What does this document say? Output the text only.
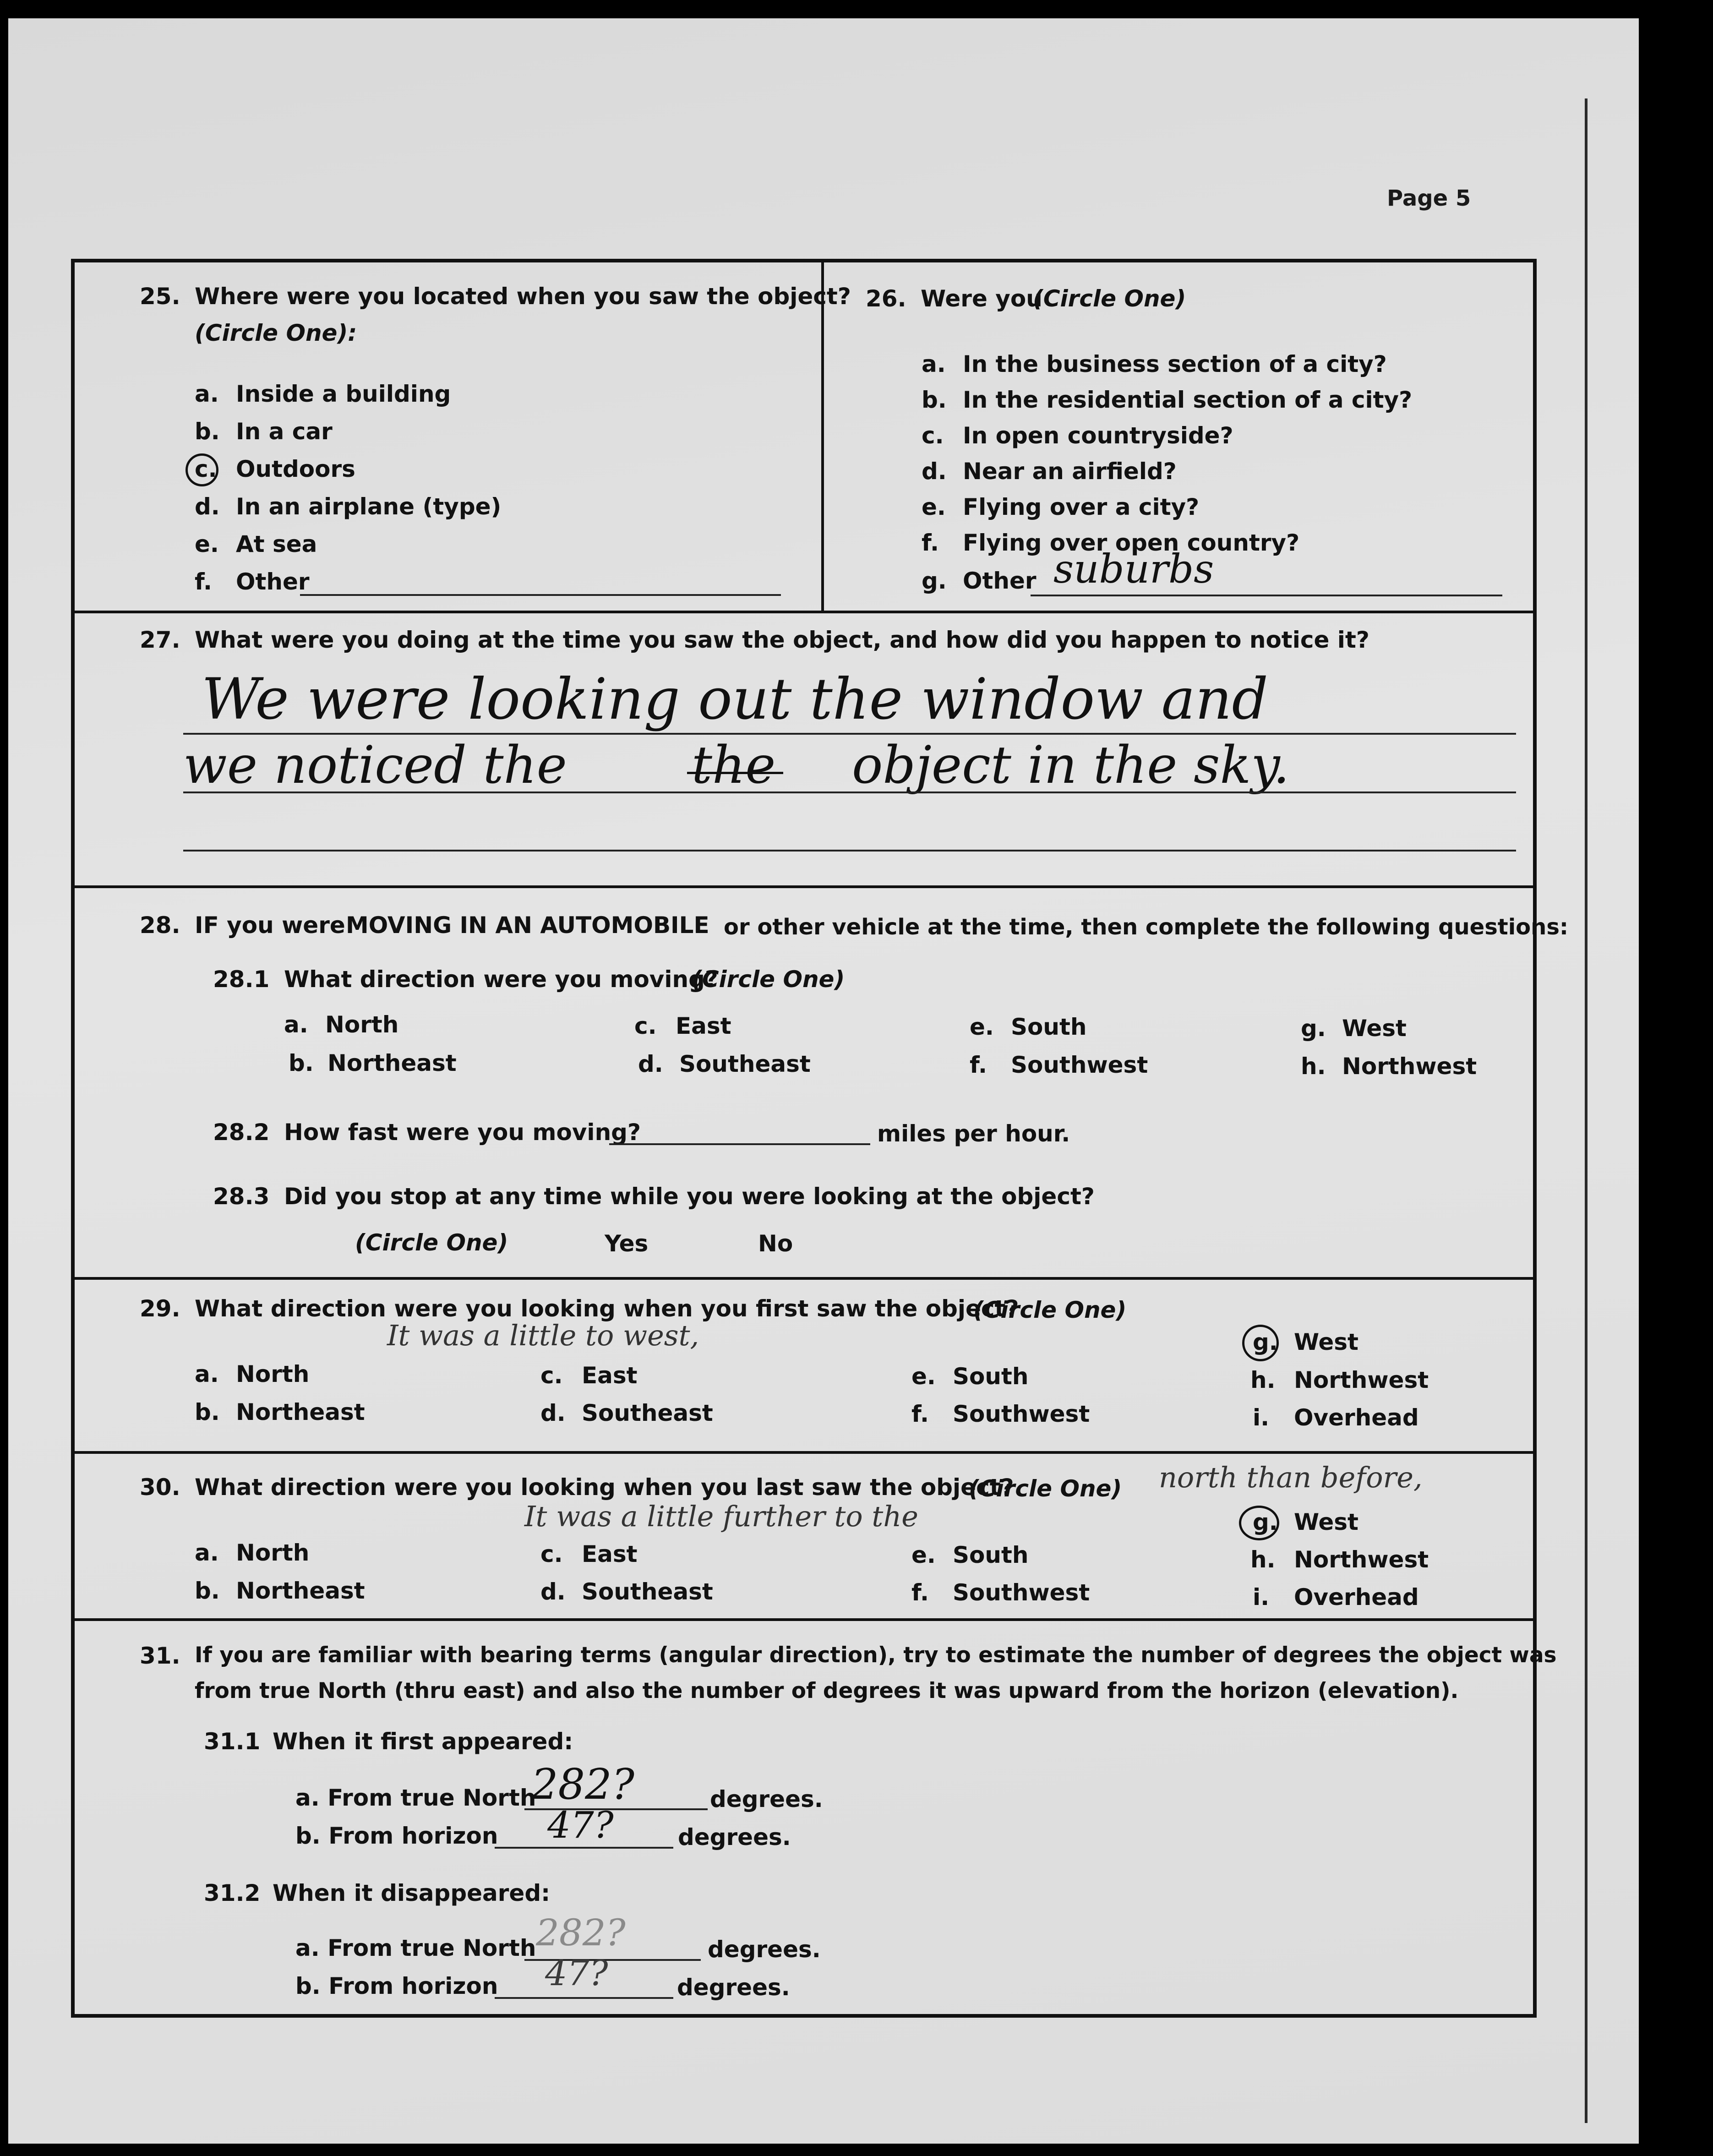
Page 5
25. Where were you located when you saw the object?
(Circle One):
a. Inside a building
b. In a car
c. Outdoors
d. In an airplane (type)
e. At sea
f. Other
26. Were you
(Circle One)
a. In the business section of a city?
b. In the residential section of a city?
c. In open countryside?
d. Near an airfield?
e. Flying over a city?
f. Flying over open country?
g. Other suburbs
27. What were you doing at the time you saw the object, and how did you happen to notice it?
We were looking out the window and
we noticed the the object in the sky.
28. IF you were MOVING IN AN AUTOMOBILE or other vehicle at the time, then complete the following questions:
28.1 What direction were you moving?
(Circle One)
a. North
b. Northeast
c. East
d. Southeast
e. South
f. Southwest
g. West
h. Northwest
28.2 How fast were you moving?	miles per hour.
28.3 Did you stop at any time while you were looking at the object?
(Circle One)	Yes	No
29. What direction were you looking when you first saw the object?
(Circle One)
It was a little to west,
a. North
b. Northeast
c. East
d. Southeast
e. South
f. Southwest
g. West
h. Northwest
i. Overhead
30. What direction were you looking when you last saw the object?
(Circle One) north than before,
It was a little further to the
a. North
b. Northeast
c. East
d. Southeast
e. South
f. Southwest
g. West
h. Northwest
i. Overhead
31. If you are familiar with bearing terms (angular direction), try to estimate the number of degrees the object was
from true North (thru east) and also the number of degrees it was upward from the horizon (elevation).
31.1 When it first appeared:
a. From true North
282?	degrees.
b. From horizon 47?	degrees.
31.2 When it disappeared:
a. From true North 282?	degrees.
b. From horizon 47?	degrees.
